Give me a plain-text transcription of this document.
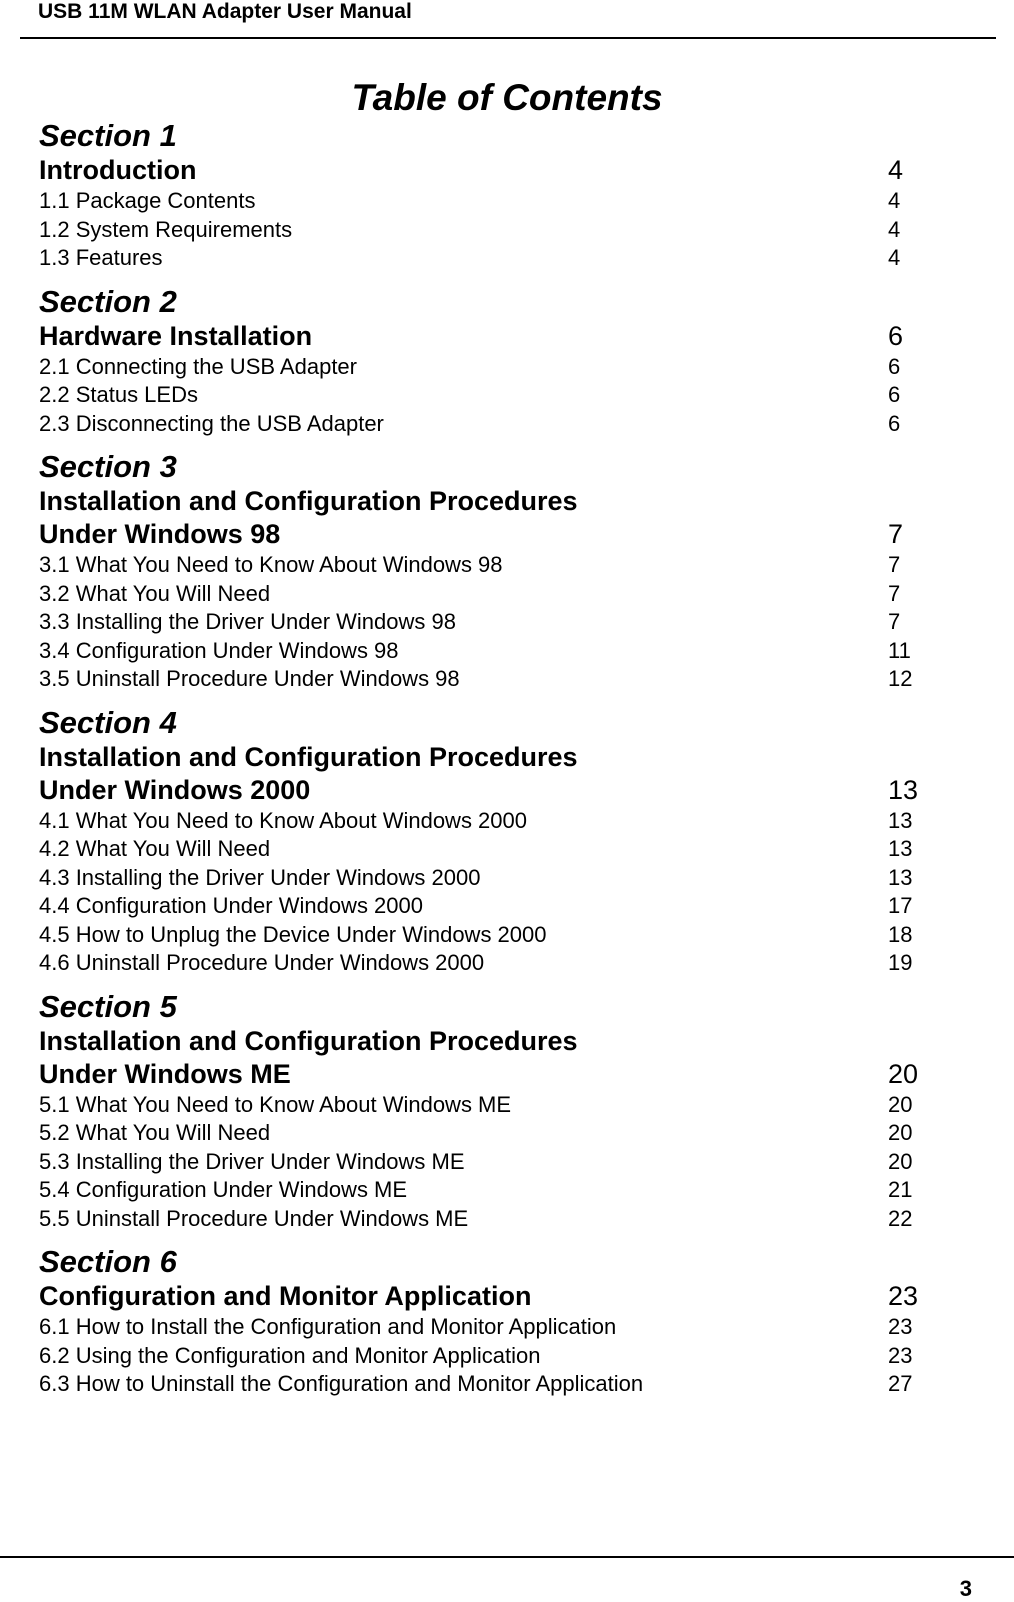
USB 11M WLAN Adapter User Manual
Table of Contents
Section 1
Introduction	4
1.1 Package Contents	4
1.2 System Requirements	4
1.3 Features	4
Section 2
Hardware Installation	6
2.1 Connecting the USB Adapter	6
2.2 Status LEDs	6
2.3 Disconnecting the USB Adapter	6
Section 3
Installation and Configuration Procedures
Under Windows 98	7
3.1 What You Need to Know About Windows 98	7
3.2 What You Will Need	7
3.3 Installing the Driver Under Windows 98	7
3.4 Configuration Under Windows 98	11
3.5 Uninstall Procedure Under Windows 98	12
Section 4
Installation and Configuration Procedures
Under Windows 2000	13
4.1 What You Need to Know About Windows 2000	13
4.2 What You Will Need	13
4.3 Installing the Driver Under Windows 2000	13
4.4 Configuration Under Windows 2000	17
4.5 How to Unplug the Device Under Windows 2000	18
4.6 Uninstall Procedure Under Windows 2000	19
Section 5
Installation and Configuration Procedures
Under Windows ME	20
5.1 What You Need to Know About Windows ME	20
5.2 What You Will Need	20
5.3 Installing the Driver Under Windows ME	20
5.4 Configuration Under Windows ME	21
5.5 Uninstall Procedure Under Windows ME	22
Section 6
Configuration and Monitor Application	23
6.1 How to Install the Configuration and Monitor Application	23
6.2 Using the Configuration and Monitor Application	23
6.3 How to Uninstall the Configuration and Monitor Application	27
3
